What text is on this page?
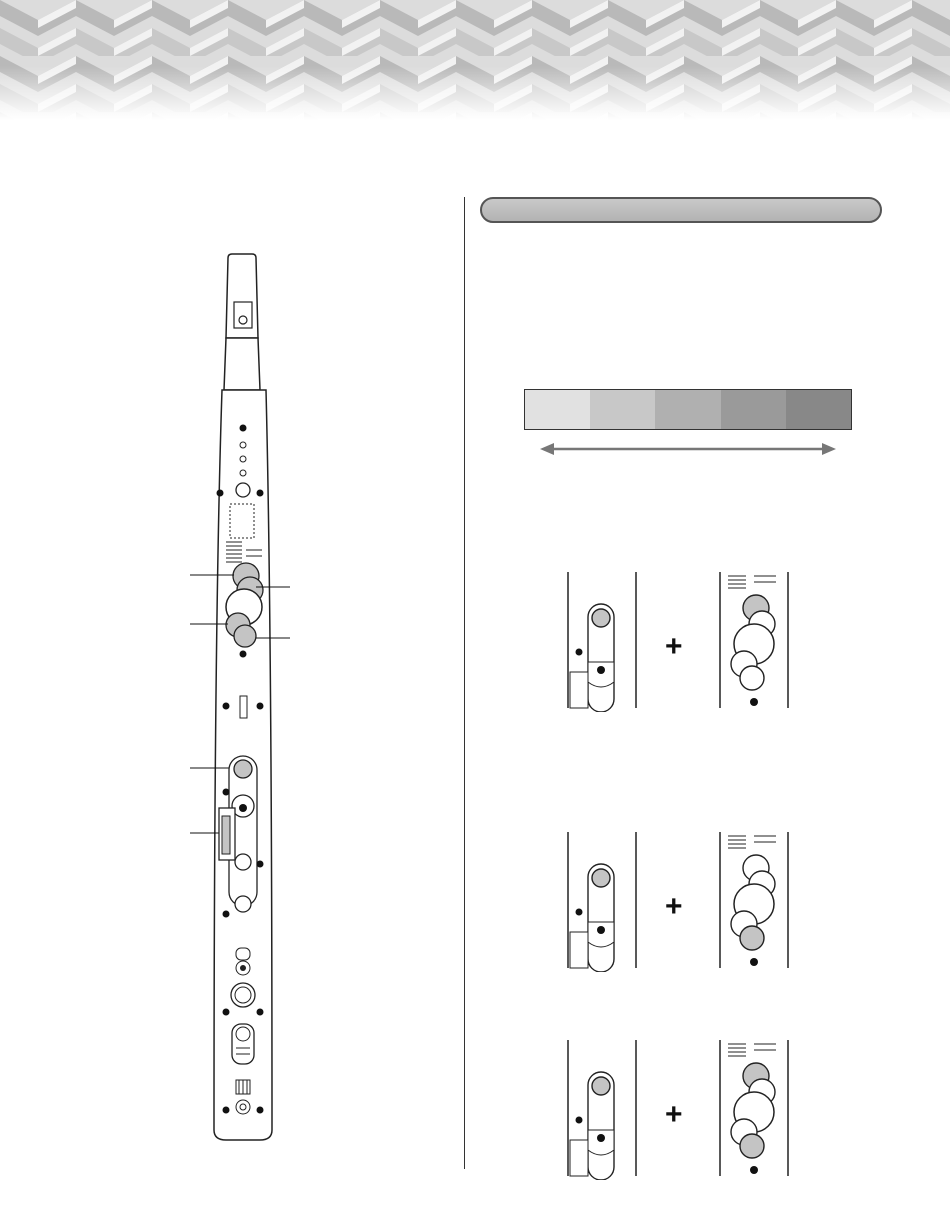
+
+
+
